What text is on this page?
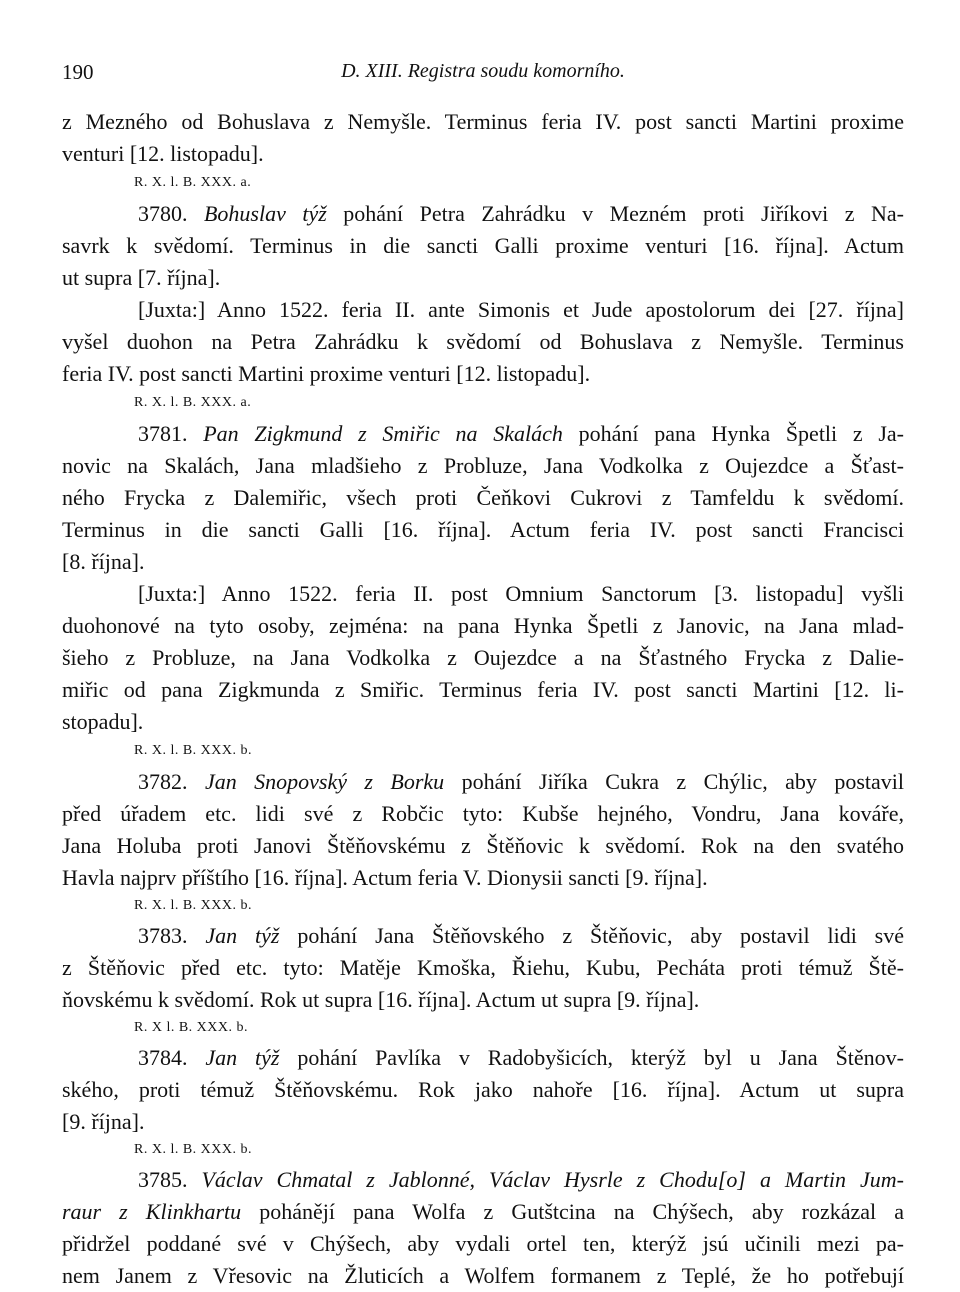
190	D. XIII. Registra soudu komorního.
z Mezného od Bohuslava z Nemyšle. Terminus feria IV. post sancti Martini proxime
venturi [12. listopadu].
R. X. l. B. XXX. a.
3780. Bohuslav týž pohání Petra Zahrádku v Mezném proti Jiříkovi z Na-
savrk k svědomí. Terminus in die sancti Galli proxime venturi [16. října]. Actum
ut supra [7. října].
[Juxta:] Anno 1522. feria II. ante Simonis et Jude apostolorum dei [27. října]
vyšel duohon na Petra Zahrádku k svědomí od Bohuslava z Nemyšle. Terminus
feria IV. post sancti Martini proxime venturi [12. listopadu].
R. X. l. B. XXX. a.
3781. Pan Zigkmund z Smiřic na Skalách pohání pana Hynka Špetli z Ja-
novic na Skalách, Jana mladšieho z Probluze, Jana Vodkolka z Oujezdce a Šťast-
ného Frycka z Dalemiřic, všech proti Čeňkovi Cukrovi z Tamfeldu k svědomí.
Terminus in die sancti Galli [16. října]. Actum feria IV. post sancti Francisci
[8. října].
[Juxta:] Anno 1522. feria II. post Omnium Sanctorum [3. listopadu] vyšli
duohonové na tyto osoby, zejména: na pana Hynka Špetli z Janovic, na Jana mlad-
šieho z Probluze, na Jana Vodkolka z Oujezdce a na Šťastného Frycka z Dalie-
miřic od pana Zigkmunda z Smiřic. Terminus feria IV. post sancti Martini [12. li-
stopadu].
R. X. l. B. XXX. b.
3782. Jan Snopovský z Borku pohání Jiříka Cukra z Chýlic, aby postavil
před úřadem etc. lidi své z Robčic tyto: Kubše hejného, Vondru, Jana kováře,
Jana Holuba proti Janovi Štěňovskému z Štěňovic k svědomí. Rok na den svatého
Havla najprv příštího [16. října]. Actum feria V. Dionysii sancti [9. října].
R. X. l. B. XXX. b.
3783. Jan týž pohání Jana Štěňovského z Štěňovic, aby postavil lidi své
z Štěňovic před etc. tyto: Matěje Kmoška, Řiehu, Kubu, Pecháta proti témuž Ště-
ňovskému k svědomí. Rok ut supra [16. října]. Actum ut supra [9. října].
R. X l. B. XXX. b.
3784. Jan týž pohání Pavlíka v Radobyšicích, kterýž byl u Jana Štěnov-
ského, proti témuž Štěňovskému. Rok jako nahoře [16. října]. Actum ut supra
[9. října].
R. X. l. B. XXX. b.
3785. Václav Chmatal z Jablonné, Václav Hysrle z Chodu[o] a Martin Jum-
raur z Klinkhartu pohánějí pana Wolfa z Gutštcina na Chýšech, aby rozkázal a
přidržel poddané své v Chýšech, aby vydali ortel ten, kterýž jsú učinili mezi pa-
nem Janem z Vřesovic na Žluticích a Wolfem formanem z Teplé, že ho potřebují
